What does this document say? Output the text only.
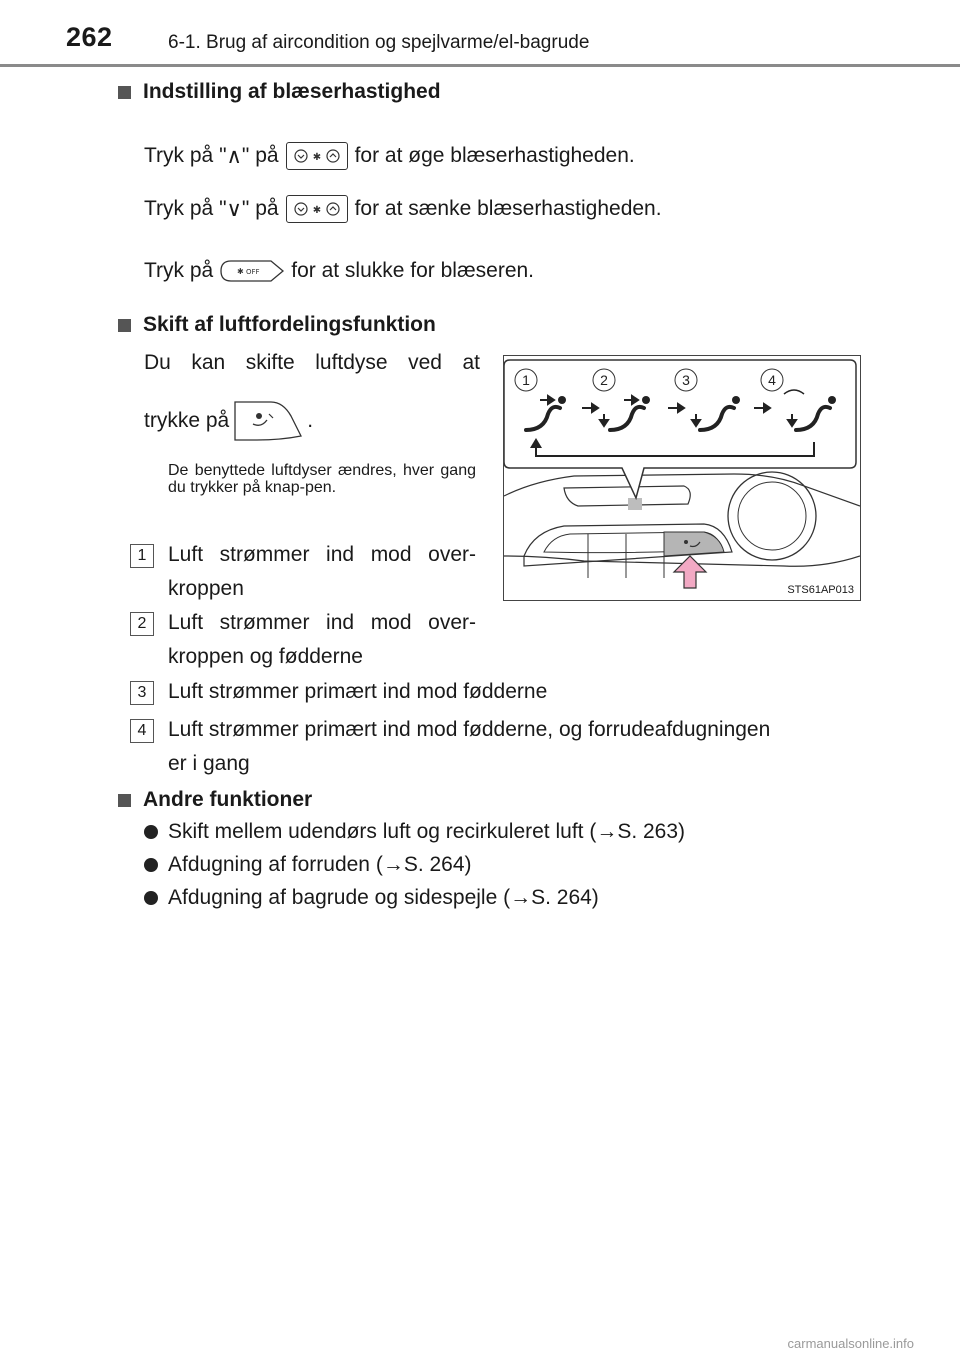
262	6-1. Brug af aircondition og spejlvarme/el-bagrude
Indstilling af blæserhastighed
Tryk på " ∧ " på	✱ for at øge blæserhastigheden.
Tryk på " ∨ " på	✱ for at sænke blæserhastigheden.
Tryk på	✱ OFF for at slukke for blæseren.
Skift af luftfordelingsfunktion
Du kan skifte luftdyse ved at
trykke på	.
De benyttede luftdyser ændres, hver gang du trykker på knap-pen.
1	Luft strømmer ind mod over-
kroppen
2	Luft strømmer ind mod over-
kroppen og fødderne
3	Luft strømmer primært ind mod fødderne
4	Luft strømmer primært ind mod fødderne, og forrudeafdugningen
er i gang
1	2	3	4
STS61AP013
Andre funktioner
Skift mellem udendørs luft og recirkuleret luft ( →S. 263)
Afdugning af forruden ( →S. 264)
Afdugning af bagrude og sidespejle ( →S. 264)
carmanualsonline.info
